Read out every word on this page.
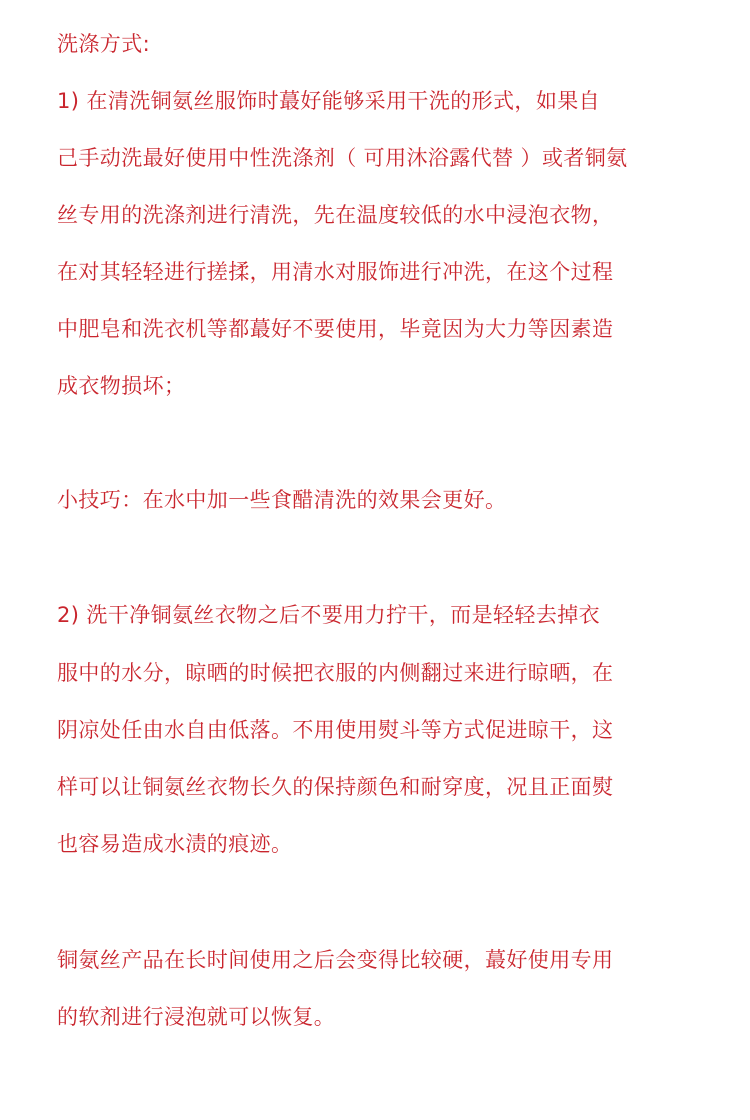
洗涤方式:
1) 在清洗铜氨丝服饰时蕞好能够采用干洗的形式，如果自
己手动洗最好使用中性洗涤剂（ 可用沐浴露代替 ）或者铜氨
丝专用的洗涤剂进行清洗，先在温度较低的水中浸泡衣物，
在对其轻轻进行搓揉，用清水对服饰进行冲洗，在这个过程
中肥皂和洗衣机等都蕞好不要使用，毕竟因为大力等因素造
成衣物损坏；
小技巧：在水中加一些食醋清洗的效果会更好。
2) 洗干净铜氨丝衣物之后不要用力拧干，而是轻轻去掉衣
服中的水分，晾晒的时候把衣服的内侧翻过来进行晾晒，在
阴凉处任由水自由低落。不用使用熨斗等方式促进晾干，这
样可以让铜氨丝衣物长久的保持颜色和耐穿度，况且正面熨
也容易造成水渍的痕迹。
铜氨丝产品在长时间使用之后会变得比较硬，蕞好使用专用
的软剂进行浸泡就可以恢复。
